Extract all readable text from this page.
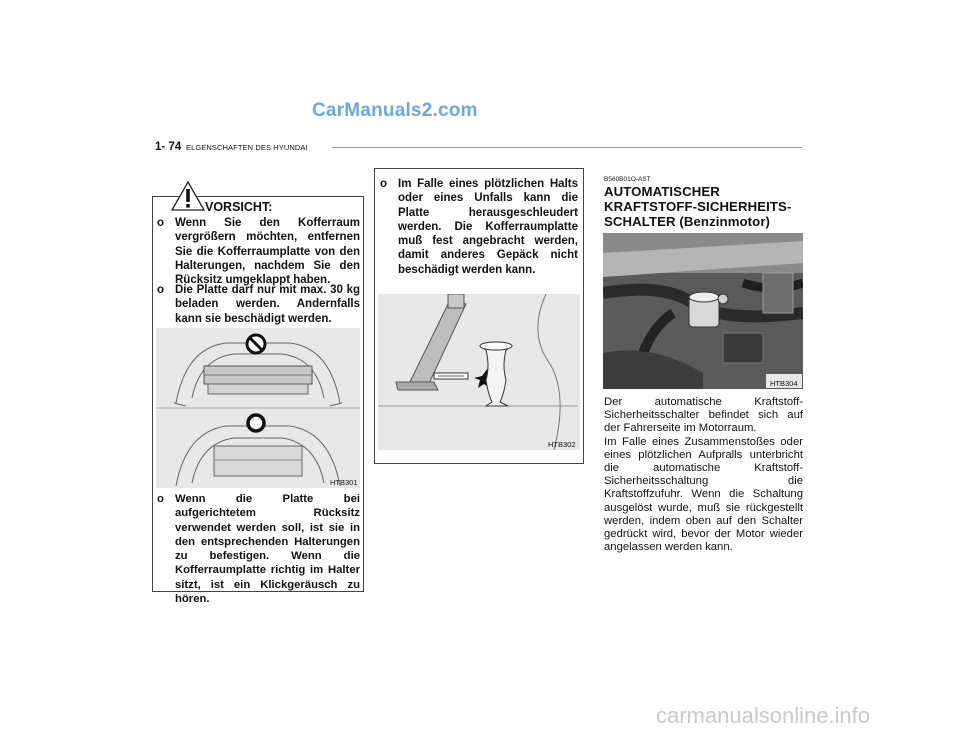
CarManuals2.com
1- 74 ELGENSCHAFTEN DES HYUNDAI
VORSICHT:
o Wenn Sie den Kofferraum vergrößern möchten, entfernen Sie die Kofferraumplatte von den Halterungen, nachdem Sie den Rücksitz umgeklappt haben.
o Die Platte darf nur mit max. 30 kg beladen werden. Andernfalls kann sie beschädigt werden.
HTB301
o Wenn die Platte bei aufgerichtetem Rücksitz verwendet werden soll, ist sie in den entsprechenden Halterungen zu befestigen. Wenn die Kofferraumplatte richtig im Halter sitzt, ist ein Klickgeräusch zu hören.
o Im Falle eines plötzlichen Halts oder eines Unfalls kann die Platte herausgeschleudert werden. Die Kofferraumplatte muß fest angebracht werden, damit anderes Gepäck nicht beschädigt werden kann.
HTB302
B560B01O-AST
AUTOMATISCHER
KRAFTSTOFF-SICHERHEITS-
SCHALTER (Benzinmotor)
HTB304

Der automatische Kraftstoff-Sicherheitsschalter befindet sich auf der Fahrerseite im Motorraum.

Im Falle eines Zusammenstoßes oder eines plötzlichen Aufpralls unterbricht die automatische Kraftstoff-Sicherheitsschaltung die Kraftstoffzufuhr. Wenn die Schaltung ausgelöst wurde, muß sie rückgestellt werden, indem oben auf den Schalter gedrückt wird, bevor der Motor wieder angelassen werden kann.

carmanualsonline.info
